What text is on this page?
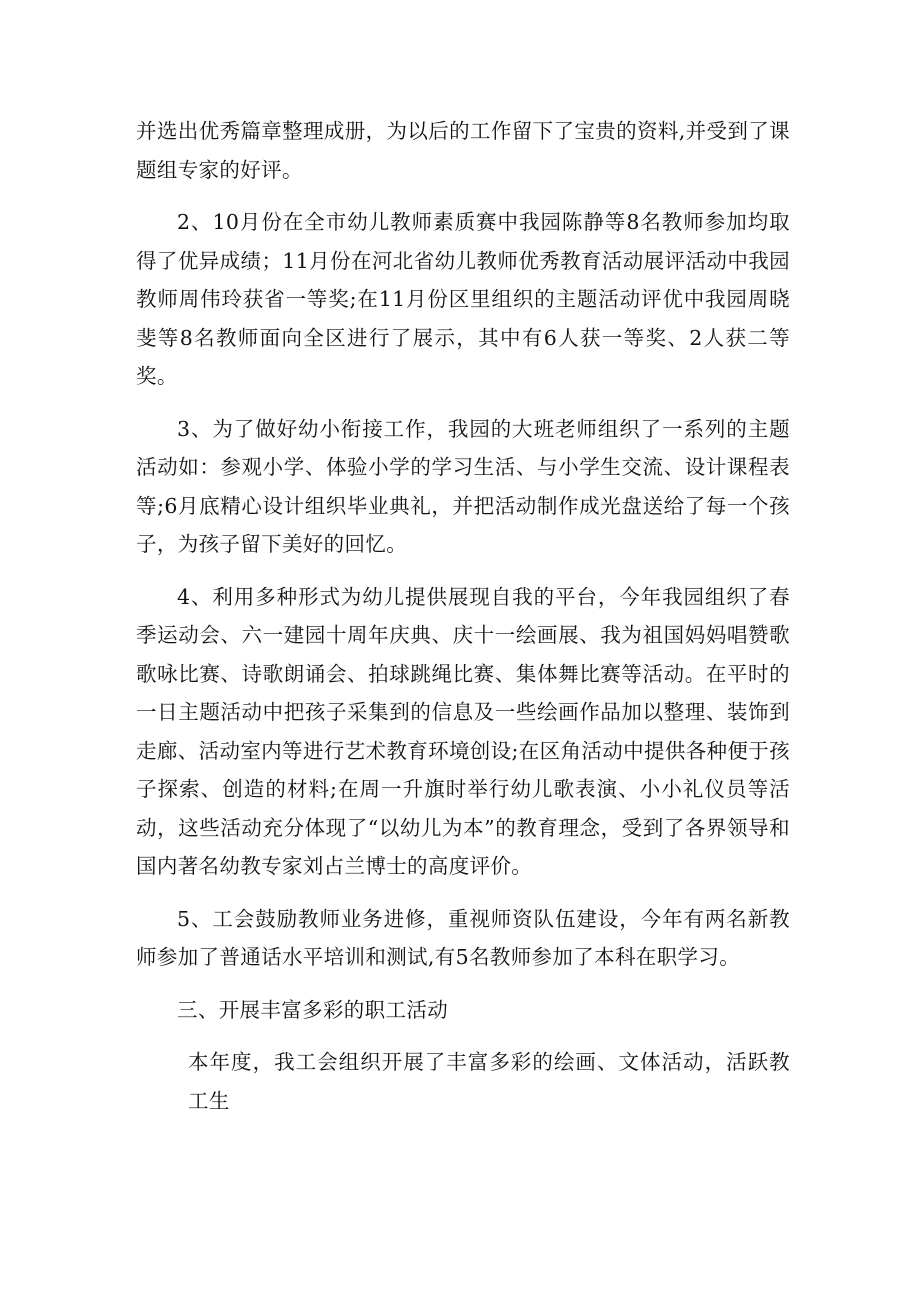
并选出优秀篇章整理成册，为以后的工作留下了宝贵的资料,并受到了课题组专家的好评。

2、10月份在全市幼儿教师素质赛中我园陈静等8名教师参加均取得了优异成绩；11月份在河北省幼儿教师优秀教育活动展评活动中我园教师周伟玲获省一等奖;在11月份区里组织的主题活动评优中我园周晓斐等8名教师面向全区进行了展示，其中有6人获一等奖、2人获二等奖。

3、为了做好幼小衔接工作，我园的大班老师组织了一系列的主题活动如：参观小学、体验小学的学习生活、与小学生交流、设计课程表等;6月底精心设计组织毕业典礼，并把活动制作成光盘送给了每一个孩子，为孩子留下美好的回忆。

4、利用多种形式为幼儿提供展现自我的平台，今年我园组织了春季运动会、六一建园十周年庆典、庆十一绘画展、我为祖国妈妈唱赞歌歌咏比赛、诗歌朗诵会、拍球跳绳比赛、集体舞比赛等活动。在平时的一日主题活动中把孩子采集到的信息及一些绘画作品加以整理、装饰到走廊、活动室内等进行艺术教育环境创设;在区角活动中提供各种便于孩子探索、创造的材料;在周一升旗时举行幼儿歌表演、小小礼仪员等活动，这些活动充分体现了“以幼儿为本”的教育理念，受到了各界领导和国内著名幼教专家刘占兰博士的高度评价。

5、工会鼓励教师业务进修，重视师资队伍建设，今年有两名新教师参加了普通话水平培训和测试,有5名教师参加了本科在职学习。

三、开展丰富多彩的职工活动

本年度，我工会组织开展了丰富多彩的绘画、文体活动，活跃教工生
